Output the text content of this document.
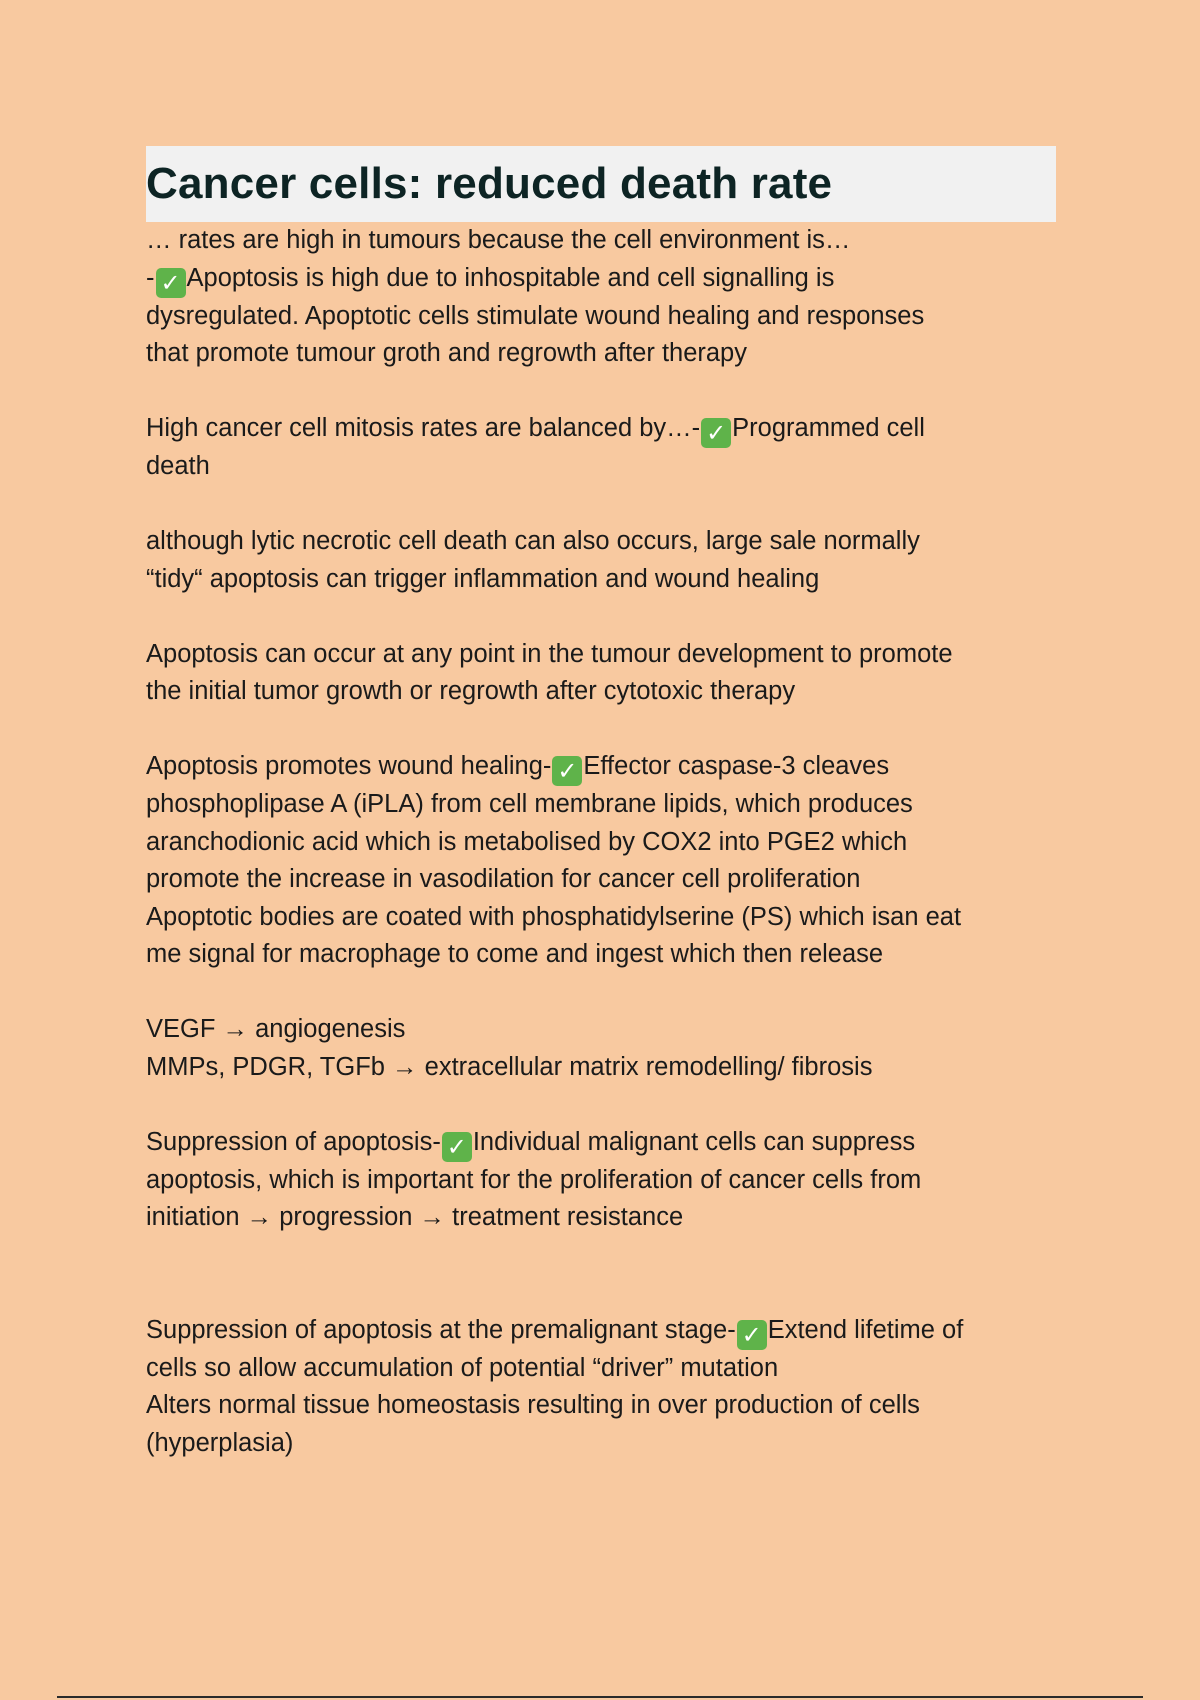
Cancer cells: reduced death rate
… rates are high in tumours because the cell environment is…
- ✓ Apoptosis is high due to inhospitable and cell signalling is
dysregulated. Apoptotic cells stimulate wound healing and responses
that promote tumour groth and regrowth after therapy
High cancer cell mitosis rates are balanced by…- ✓ Programmed cell
death
although lytic necrotic cell death can also occurs, large sale normally
“tidy“ apoptosis can trigger inflammation and wound healing
Apoptosis can occur at any point in the tumour development to promote
the initial tumor growth or regrowth after cytotoxic therapy
Apoptosis promotes wound healing- ✓ Effector caspase-3 cleaves
phosphoplipase A (iPLA) from cell membrane lipids, which produces
aranchodionic acid which is metabolised by COX2 into PGE2 which
promote the increase in vasodilation for cancer cell proliferation
Apoptotic bodies are coated with phosphatidylserine (PS) which isan eat
me signal for macrophage to come and ingest which then release
VEGF → angiogenesis
MMPs, PDGR, TGFb → extracellular matrix remodelling/ fibrosis
Suppression of apoptosis- ✓ Individual malignant cells can suppress
apoptosis, which is important for the proliferation of cancer cells from
initiation → progression → treatment resistance
Suppression of apoptosis at the premalignant stage- ✓ Extend lifetime of
cells so allow accumulation of potential “driver” mutation
Alters normal tissue homeostasis resulting in over production of cells
(hyperplasia)
